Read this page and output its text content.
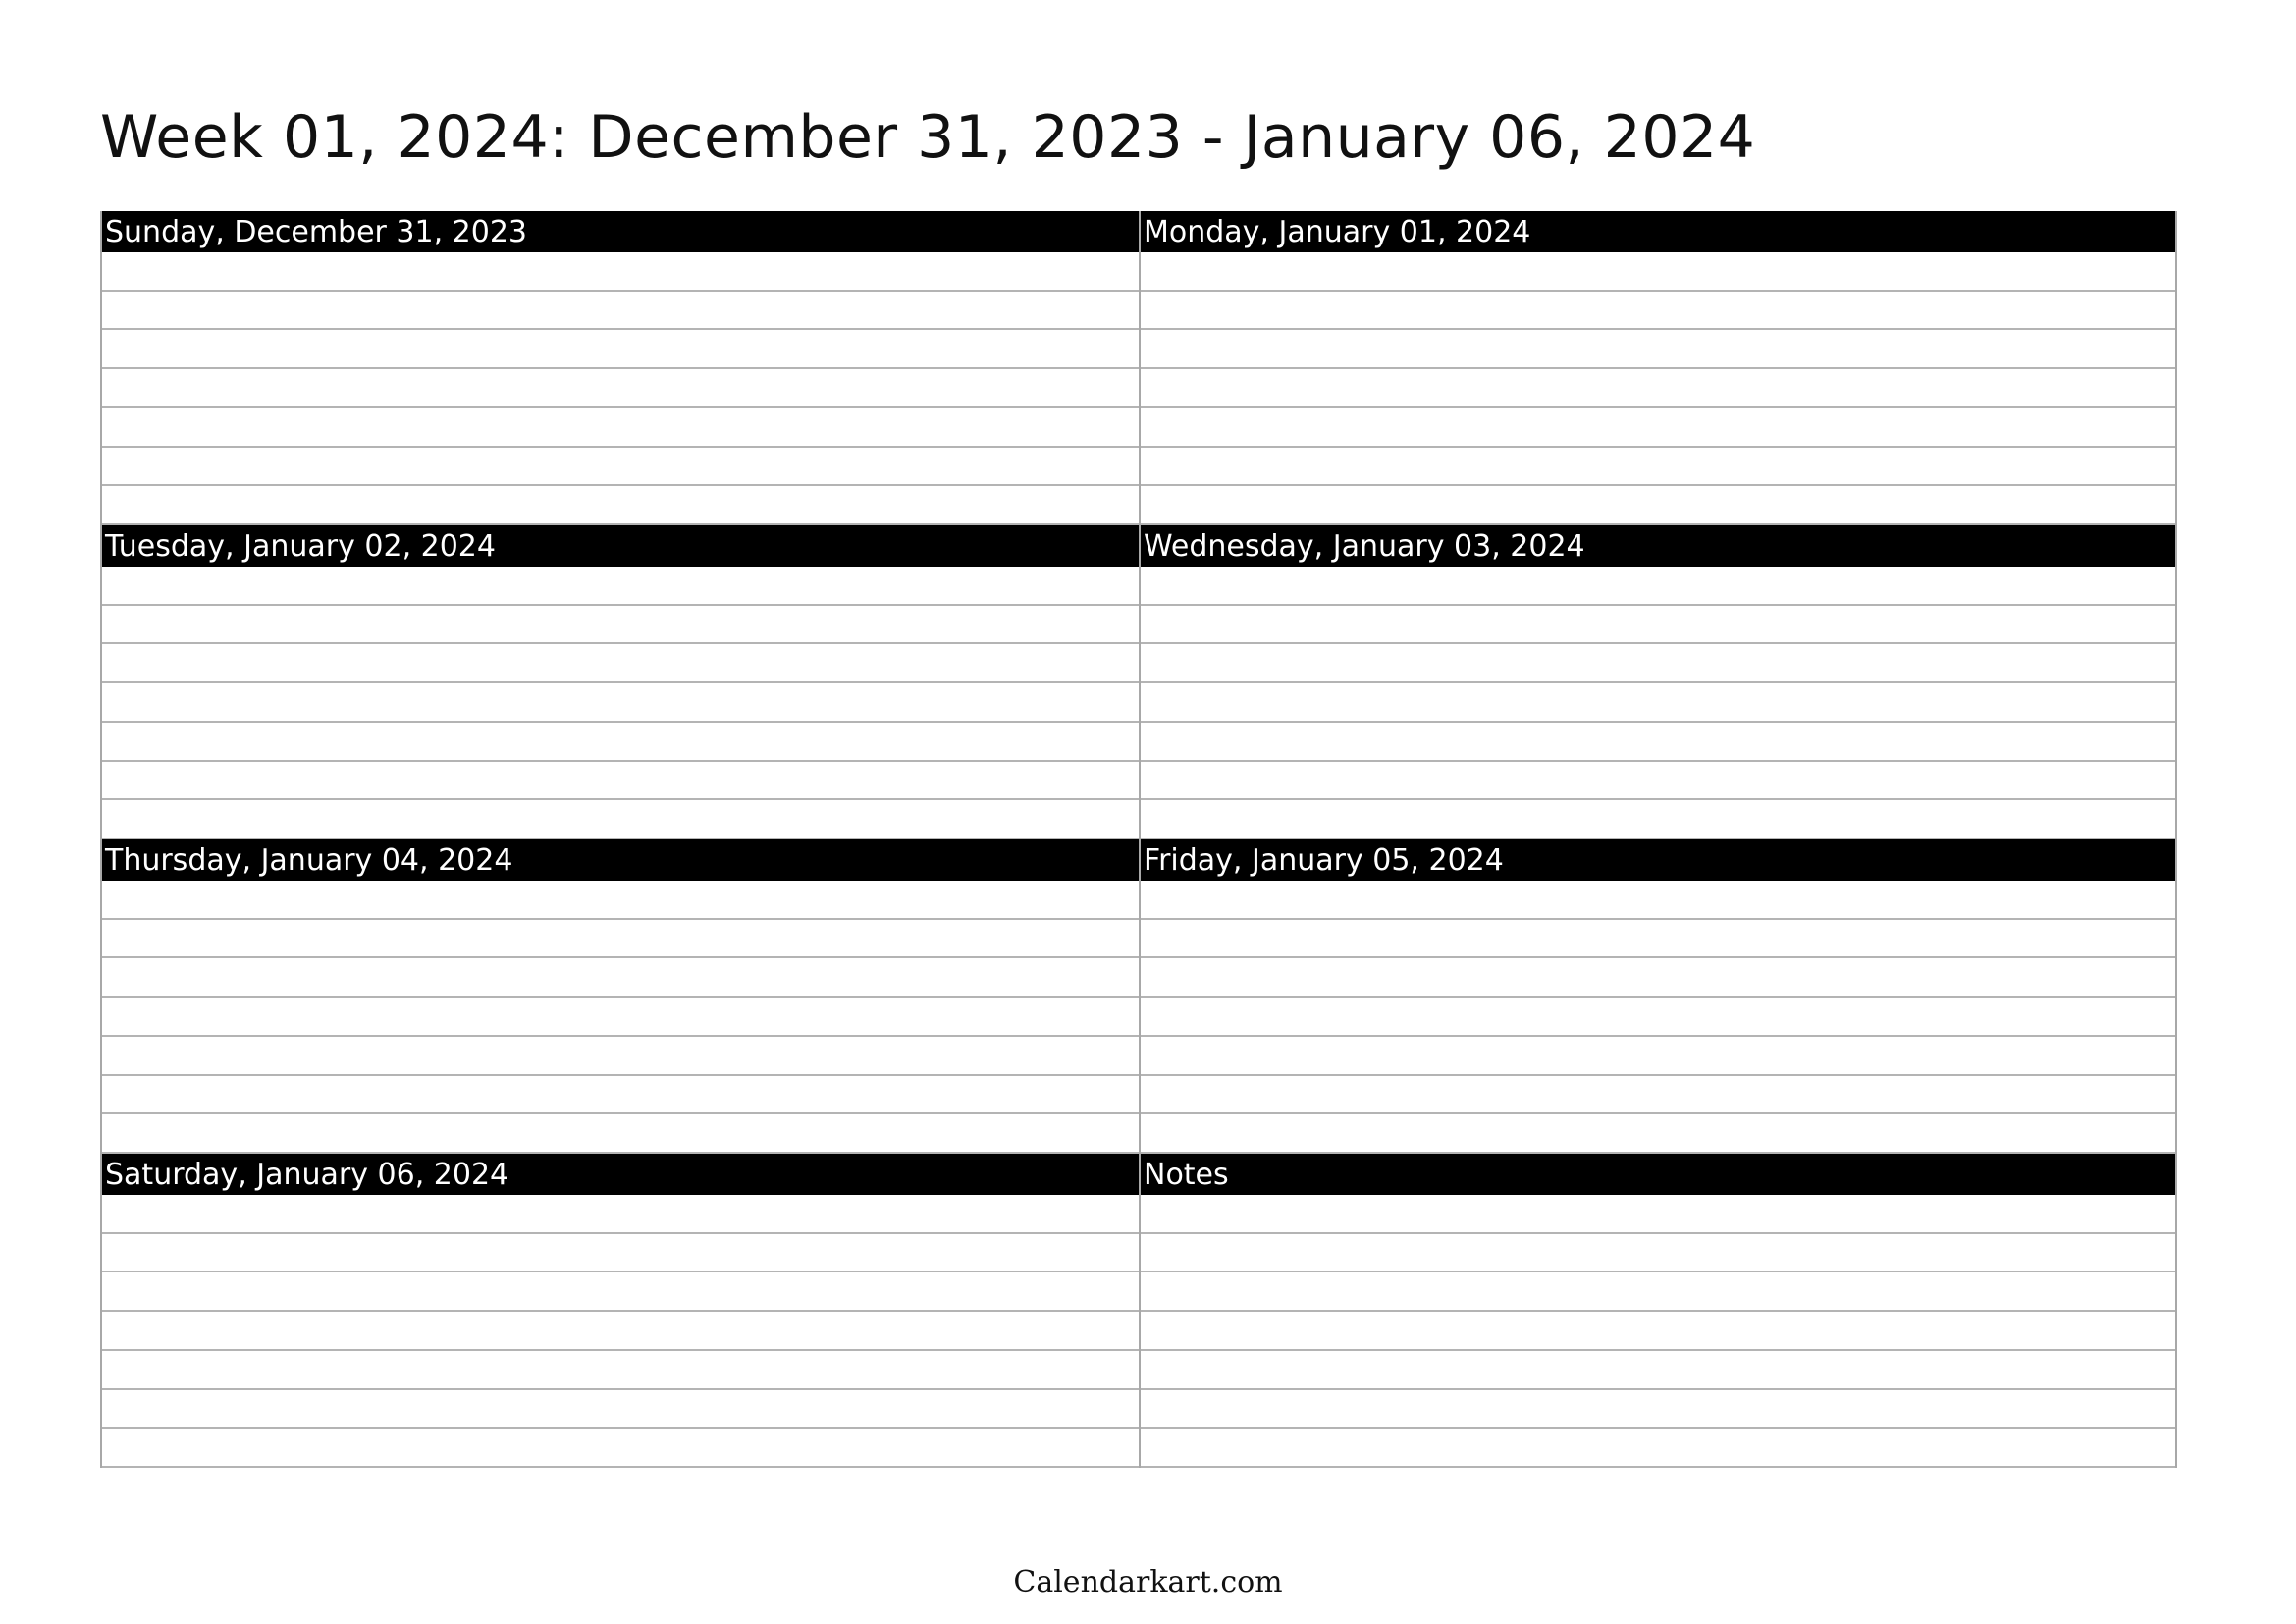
Week 01, 2024: December 31, 2023 - January 06, 2024
Sunday, December 31, 2023	Monday, January 01, 2024
Tuesday, January 02, 2024	Wednesday, January 03, 2024
Thursday, January 04, 2024	Friday, January 05, 2024
Saturday, January 06, 2024	Notes
Calendarkart.com
